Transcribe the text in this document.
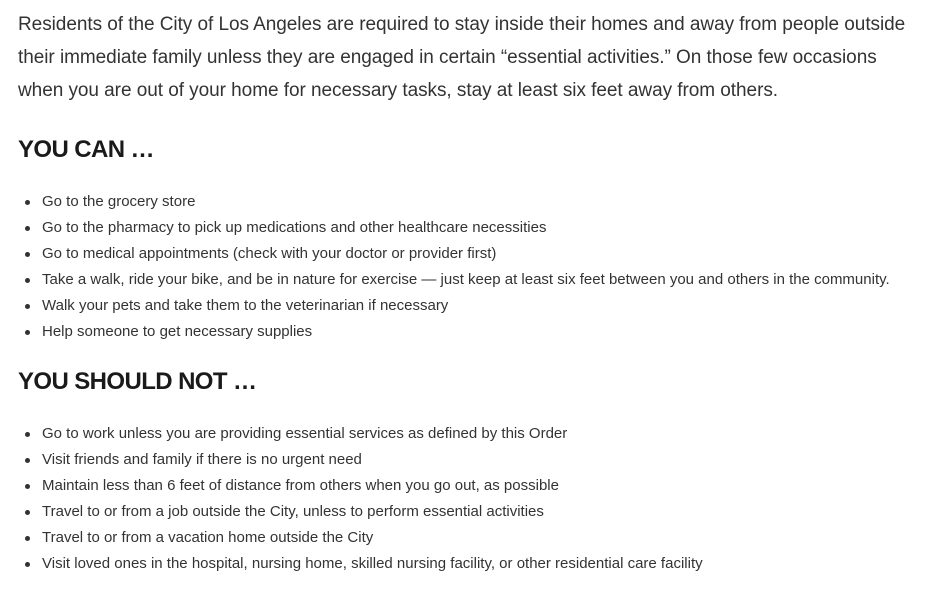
Residents of the City of Los Angeles are required to stay inside their homes and away from people outside their immediate family unless they are engaged in certain “essential activities.” On those few occasions when you are out of your home for necessary tasks, stay at least six feet away from others.

YOU CAN …
Go to the grocery store
Go to the pharmacy to pick up medications and other healthcare necessities
Go to medical appointments (check with your doctor or provider first)
Take a walk, ride your bike, and be in nature for exercise — just keep at least six feet between you and others in the community.
Walk your pets and take them to the veterinarian if necessary
Help someone to get necessary supplies
YOU SHOULD NOT …
Go to work unless you are providing essential services as defined by this Order
Visit friends and family if there is no urgent need
Maintain less than 6 feet of distance from others when you go out, as possible
Travel to or from a job outside the City, unless to perform essential activities
Travel to or from a vacation home outside the City
Visit loved ones in the hospital, nursing home, skilled nursing facility, or other residential care facility
